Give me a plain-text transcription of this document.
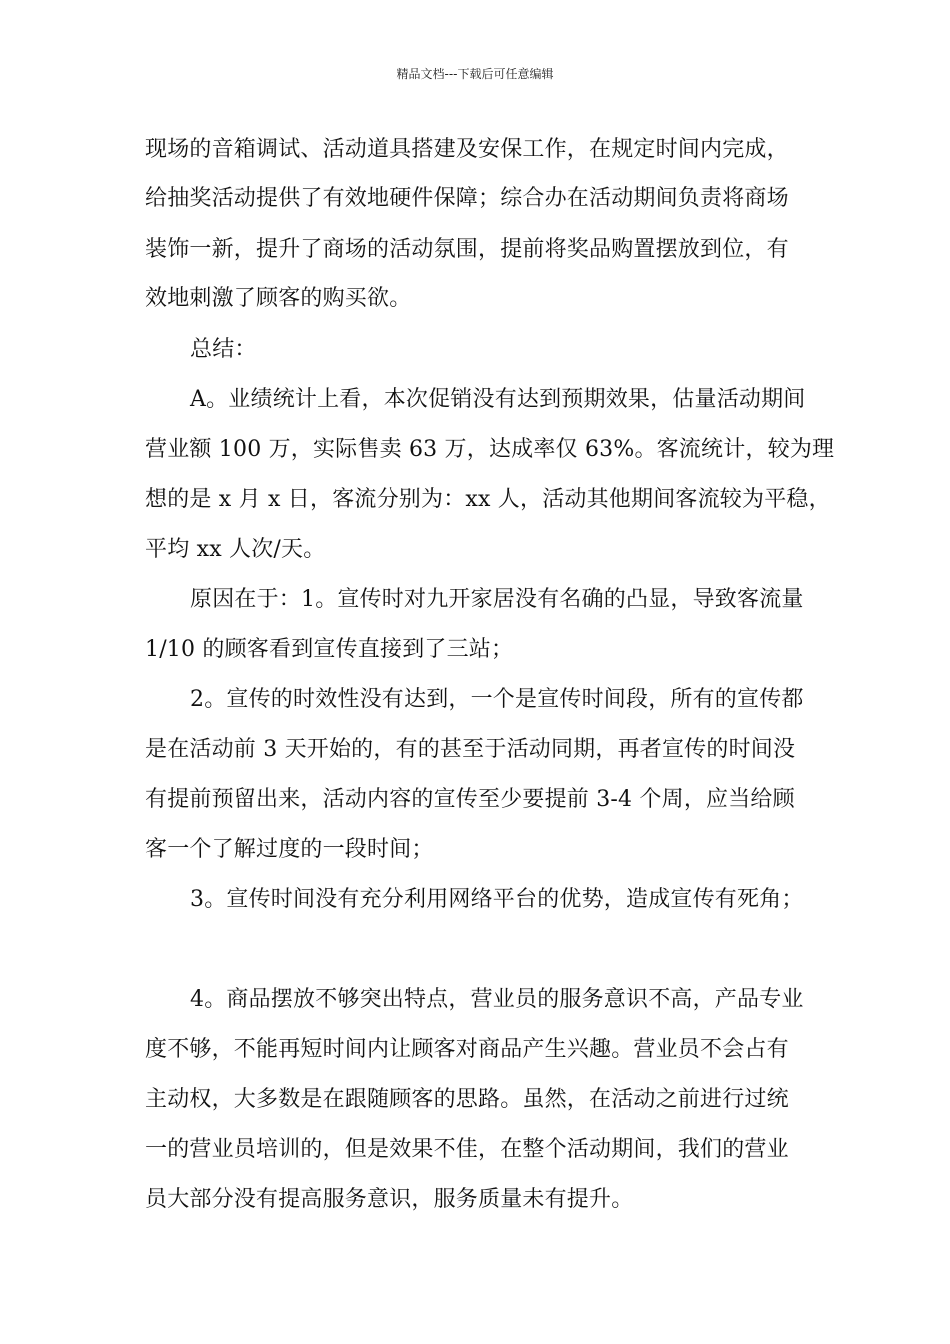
精品文档---下载后可任意编辑
现场的音箱调试、活动道具搭建及安保工作，在规定时间内完成，
给抽奖活动提供了有效地硬件保障；综合办在活动期间负责将商场
装饰一新，提升了商场的活动氛围，提前将奖品购置摆放到位，有
效地刺激了顾客的购买欲。
总结：
A。业绩统计上看，本次促销没有达到预期效果，估量活动期间
营业额 100 万，实际售卖 63 万，达成率仅 63%。客流统计，较为理
想的是 x 月 x 日，客流分别为：xx 人，活动其他期间客流较为平稳，
平均 xx 人次/天。
原因在于：1。宣传时对九开家居没有名确的凸显，导致客流量
1/10 的顾客看到宣传直接到了三站；
2。宣传的时效性没有达到，一个是宣传时间段，所有的宣传都
是在活动前 3 天开始的，有的甚至于活动同期，再者宣传的时间没
有提前预留出来，活动内容的宣传至少要提前 3-4 个周，应当给顾
客一个了解过度的一段时间；
3。宣传时间没有充分利用网络平台的优势，造成宣传有死角；
4。商品摆放不够突出特点，营业员的服务意识不高，产品专业
度不够，不能再短时间内让顾客对商品产生兴趣。营业员不会占有
主动权，大多数是在跟随顾客的思路。虽然，在活动之前进行过统
一的营业员培训的，但是效果不佳，在整个活动期间，我们的营业
员大部分没有提高服务意识，服务质量未有提升。
